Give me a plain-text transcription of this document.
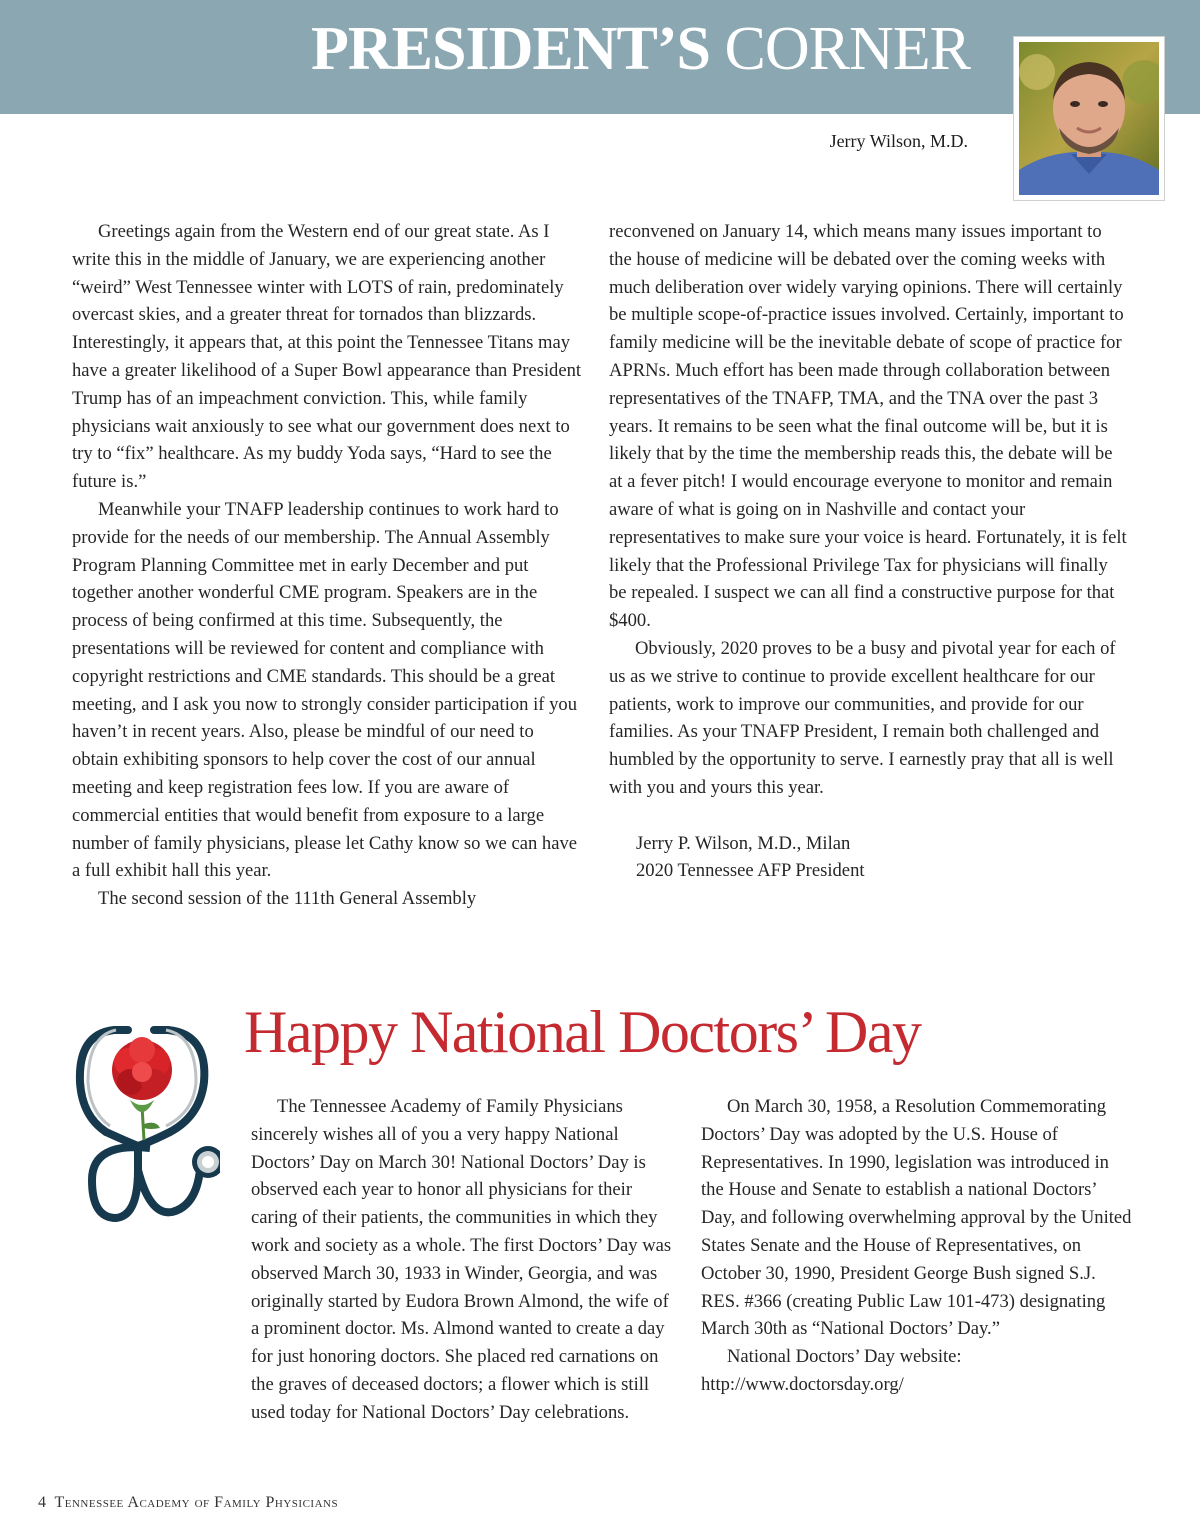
PRESIDENT’S CORNER
Jerry Wilson, M.D.

Greetings again from the Western end of our great state. As I write this in the middle of January, we are experiencing another “weird” West Tennessee winter with LOTS of rain, predominately overcast skies, and a greater threat for tornados than blizzards. Interestingly, it appears that, at this point the Tennessee Titans may have a greater likelihood of a Super Bowl appearance than President Trump has of an impeachment conviction. This, while family physicians wait anxiously to see what our government does next to try to “fix” healthcare. As my buddy Yoda says, “Hard to see the future is.”

Meanwhile your TNAFP leadership continues to work hard to provide for the needs of our membership. The Annual Assembly Program Planning Committee met in early December and put together another wonderful CME program. Speakers are in the process of being confirmed at this time. Subsequently, the presentations will be reviewed for content and compliance with copyright restrictions and CME standards. This should be a great meeting, and I ask you now to strongly consider participation if you haven’t in recent years. Also, please be mindful of our need to obtain exhibiting sponsors to help cover the cost of our annual meeting and keep registration fees low. If you are aware of commercial entities that would benefit from exposure to a large number of family physicians, please let Cathy know so we can have a full exhibit hall this year.

The second session of the 111th General Assembly

reconvened on January 14, which means many issues important to the house of medicine will be debated over the coming weeks with much deliberation over widely varying opinions. There will certainly be multiple scope-of-practice issues involved. Certainly, important to family medicine will be the inevitable debate of scope of practice for APRNs. Much effort has been made through collaboration between representatives of the TNAFP, TMA, and the TNA over the past 3 years. It remains to be seen what the final outcome will be, but it is likely that by the time the membership reads this, the debate will be at a fever pitch! I would encourage everyone to monitor and remain aware of what is going on in Nashville and contact your representatives to make sure your voice is heard. Fortunately, it is felt likely that the Professional Privilege Tax for physicians will finally be repealed. I suspect we can all find a constructive purpose for that $400.

Obviously, 2020 proves to be a busy and pivotal year for each of us as we strive to continue to provide excellent healthcare for our patients, work to improve our communities, and provide for our families. As your TNAFP President, I remain both challenged and humbled by the opportunity to serve. I earnestly pray that all is well with you and yours this year.

Jerry P. Wilson, M.D., Milan
2020 Tennessee AFP President
Happy National Doctors’ Day

The Tennessee Academy of Family Physicians sincerely wishes all of you a very happy National Doctors’ Day on March 30! National Doctors’ Day is observed each year to honor all physicians for their caring of their patients, the communities in which they work and society as a whole. The first Doctors’ Day was observed March 30, 1933 in Winder, Georgia, and was originally started by Eudora Brown Almond, the wife of a prominent doctor. Ms. Almond wanted to create a day for just honoring doctors. She placed red carnations on the graves of deceased doctors; a flower which is still used today for National Doctors’ Day celebrations.

On March 30, 1958, a Resolution Commemorating Doctors’ Day was adopted by the U.S. House of Representatives. In 1990, legislation was introduced in the House and Senate to establish a national Doctors’ Day, and following overwhelming approval by the United States Senate and the House of Representatives, on October 30, 1990, President George Bush signed S.J. RES. #366 (creating Public Law 101-473) designating March 30th as “National Doctors’ Day.”

National Doctors’ Day website: http://www.doctorsday.org/

4 Tennessee Academy of Family Physicians
